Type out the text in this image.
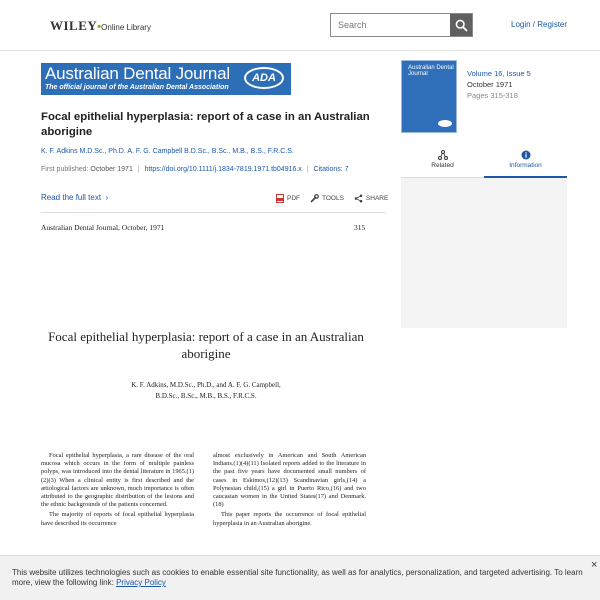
WILEY•Online Library
Search	Login / Register
Australian Dental Journal
The official journal of the Australian Dental Association
ADA
Focal epithelial hyperplasia: report of a case in an Australian aborigine
K. F. Adkins M.D.Sc., Ph.D. A. F. G. Campbell B.D.Sc., B.Sc., M.B., B.S., F.R.C.S.
First published: October 1971 | https://doi.org/10.1111/j.1834-7819.1971.tb04916.x | Citations: 7
Read the full text  ›	PDF	TOOLS	SHARE
Australian Dental Journal, October, 1971	315
Focal epithelial hyperplasia: report of a case in an Australian aborigine
K. F. Adkins, M.D.Sc., Ph.D., and A. F. G. Campbell,
B.D.Sc., B.Sc., M.B., B.S., F.R.C.S.

Focal epithelial hyperplasia, a rare disease of the oral mucosa which occurs in the form of multiple painless polyps, was introduced into the dental literature in 1965.(1)(2)(3) When a clinical entity is first described and the ætiological factors are unknown, much importance is often attributed to the geographic distribution of the lesions and the ethnic backgrounds of the patients concerned.

The majority of reports of focal epithelial hyperplasia have described its occurrence

almost exclusively in American and South American Indians.(1)(4)(11) Isolated reports added to the literature in the past five years have documented small numbers of cases in Eskimos,(12)(13) Scandinavian girls,(14) a Polynesian child,(15) a girl in Puerto Rico,(16) and two caucasian women in the United States(17) and Denmark.(18)

This paper reports the occurrence of focal epithelial hyperplasia in an Australian aborigine.

Australian Dental Journal	Volume 16, Issue 5
October 1971
Pages 315-318
Related	Information
This website utilizes technologies such as cookies to enable essential site functionality, as well as for analytics, personalization, and targeted advertising. To learn more, view the following link: Privacy Policy
×
